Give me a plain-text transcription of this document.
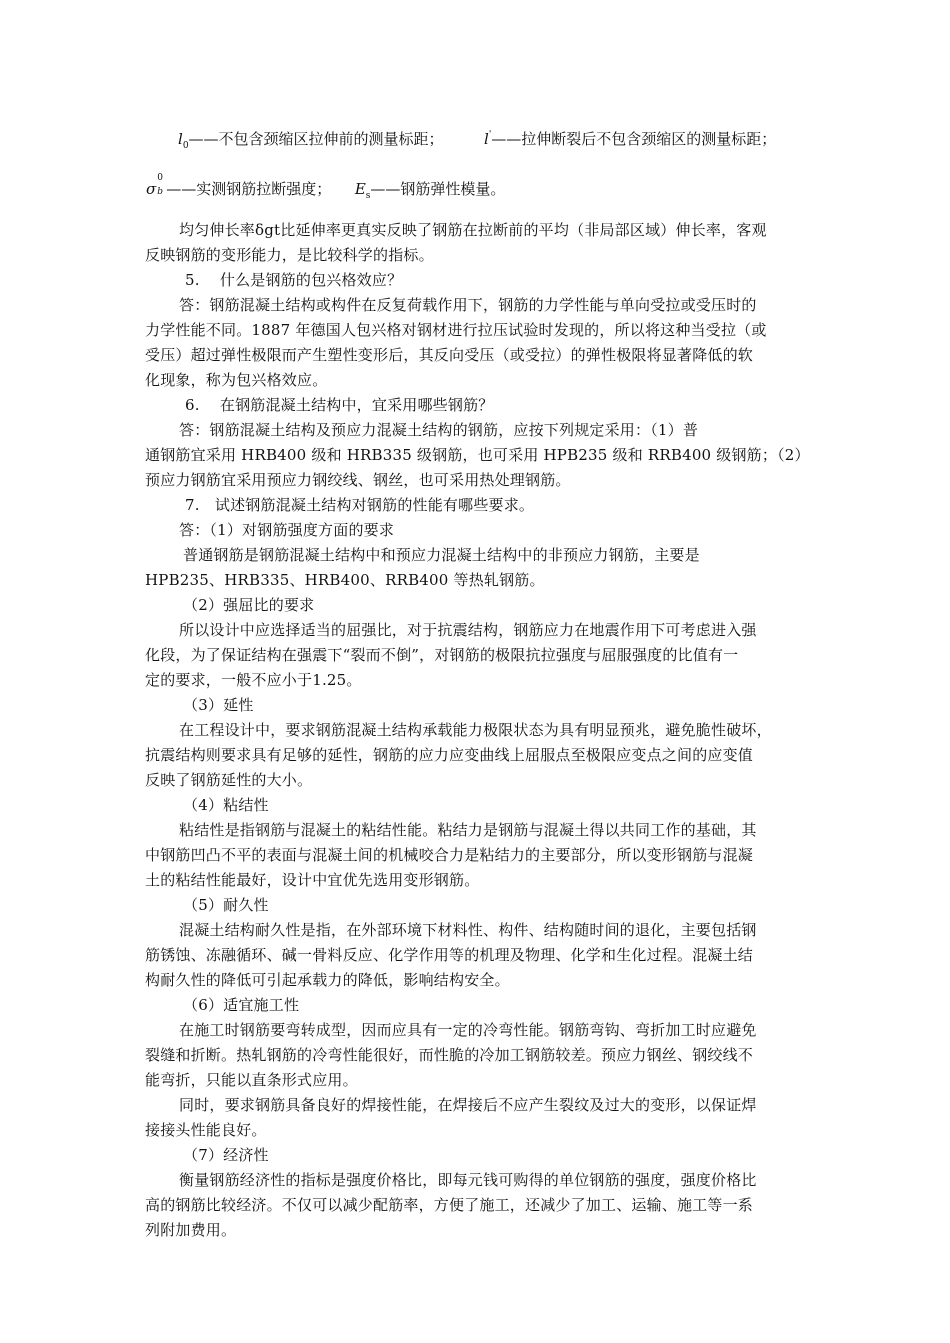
$l_0——$不包含颈缩区拉伸前的测量标距；	l'——拉伸断裂后不包含颈缩区的测量标距；
σ
0
b ——实测钢筋拉断强度； $E_s——$钢筋弹性模量。
均匀伸长率δgt比延伸率更真实反映了钢筋在拉断前的平均（非局部区域）伸长率，客观
反映钢筋的变形能力，是比较科学的指标。
5.　 什么是钢筋的包兴格效应？
答：钢筋混凝土结构或构件在反复荷载作用下，钢筋的力学性能与单向受拉或受压时的
力学性能不同。1887 年德国人包兴格对钢材进行拉压试验时发现的，所以将这种当受拉（或
受压）超过弹性极限而产生塑性变形后，其反向受压（或受拉）的弹性极限将显著降低的软
化现象，称为包兴格效应。
6.　 在钢筋混凝土结构中，宜采用哪些钢筋？
答：钢筋混凝土结构及预应力混凝土结构的钢筋，应按下列规定采用：（1）普
通钢筋宜采用 HRB400 级和 HRB335 级钢筋，也可采用 HPB235 级和 RRB400 级钢筋；（2）
预应力钢筋宜采用预应力钢绞线、钢丝，也可采用热处理钢筋。
7.　试述钢筋混凝土结构对钢筋的性能有哪些要求。
答：（1）对钢筋强度方面的要求
普通钢筋是钢筋混凝土结构中和预应力混凝土结构中的非预应力钢筋，主要是
HPB235、HRB335、HRB400、RRB400 等热轧钢筋。
（2）强屈比的要求
所以设计中应选择适当的屈强比，对于抗震结构，钢筋应力在地震作用下可考虑进入强
化段，为了保证结构在强震下“裂而不倒”，对钢筋的极限抗拉强度与屈服强度的比值有一
定的要求，一般不应小于1.25。
（3）延性
在工程设计中，要求钢筋混凝土结构承载能力极限状态为具有明显预兆，避免脆性破坏，
抗震结构则要求具有足够的延性，钢筋的应力应变曲线上屈服点至极限应变点之间的应变值
反映了钢筋延性的大小。
（4）粘结性
粘结性是指钢筋与混凝土的粘结性能。粘结力是钢筋与混凝土得以共同工作的基础，其
中钢筋凹凸不平的表面与混凝土间的机械咬合力是粘结力的主要部分，所以变形钢筋与混凝
土的粘结性能最好，设计中宜优先选用变形钢筋。
（5）耐久性
混凝土结构耐久性是指，在外部环境下材料性、构件、结构随时间的退化，主要包括钢
筋锈蚀、冻融循环、碱一骨料反应、化学作用等的机理及物理、化学和生化过程。混凝土结
构耐久性的降低可引起承载力的降低，影响结构安全。
（6）适宜施工性
在施工时钢筋要弯转成型，因而应具有一定的冷弯性能。钢筋弯钩、弯折加工时应避免
裂缝和折断。热轧钢筋的冷弯性能很好，而性脆的冷加工钢筋较差。预应力钢丝、钢绞线不
能弯折，只能以直条形式应用。
同时，要求钢筋具备良好的焊接性能，在焊接后不应产生裂纹及过大的变形，以保证焊
接接头性能良好。
（7）经济性
衡量钢筋经济性的指标是强度价格比，即每元钱可购得的单位钢筋的强度，强度价格比
高的钢筋比较经济。不仅可以减少配筋率，方便了施工，还减少了加工、运输、施工等一系
列附加费用。
